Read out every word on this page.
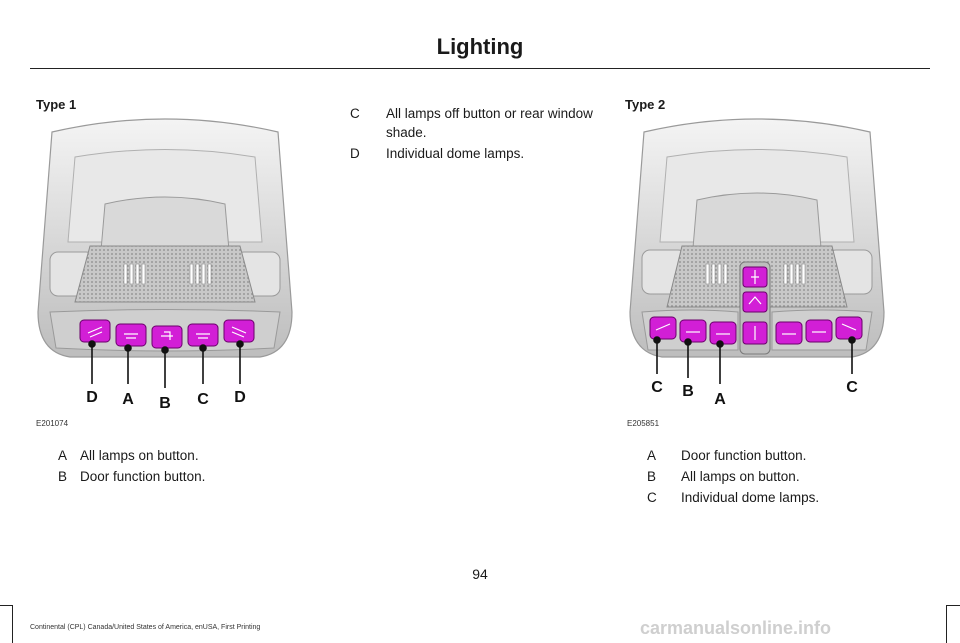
Lighting
Type 1
D A B C D
E201074
A All lamps on button.
B Door function button.
C All lamps off button or rear window shade.
D Individual dome lamps.
Type 2
C B A
C
E205851
A Door function button.
B All lamps on button.
C Individual dome lamps.
94
Continental (CPL) Canada/United States of America, enUSA, First Printing	carmanualsonline.info
